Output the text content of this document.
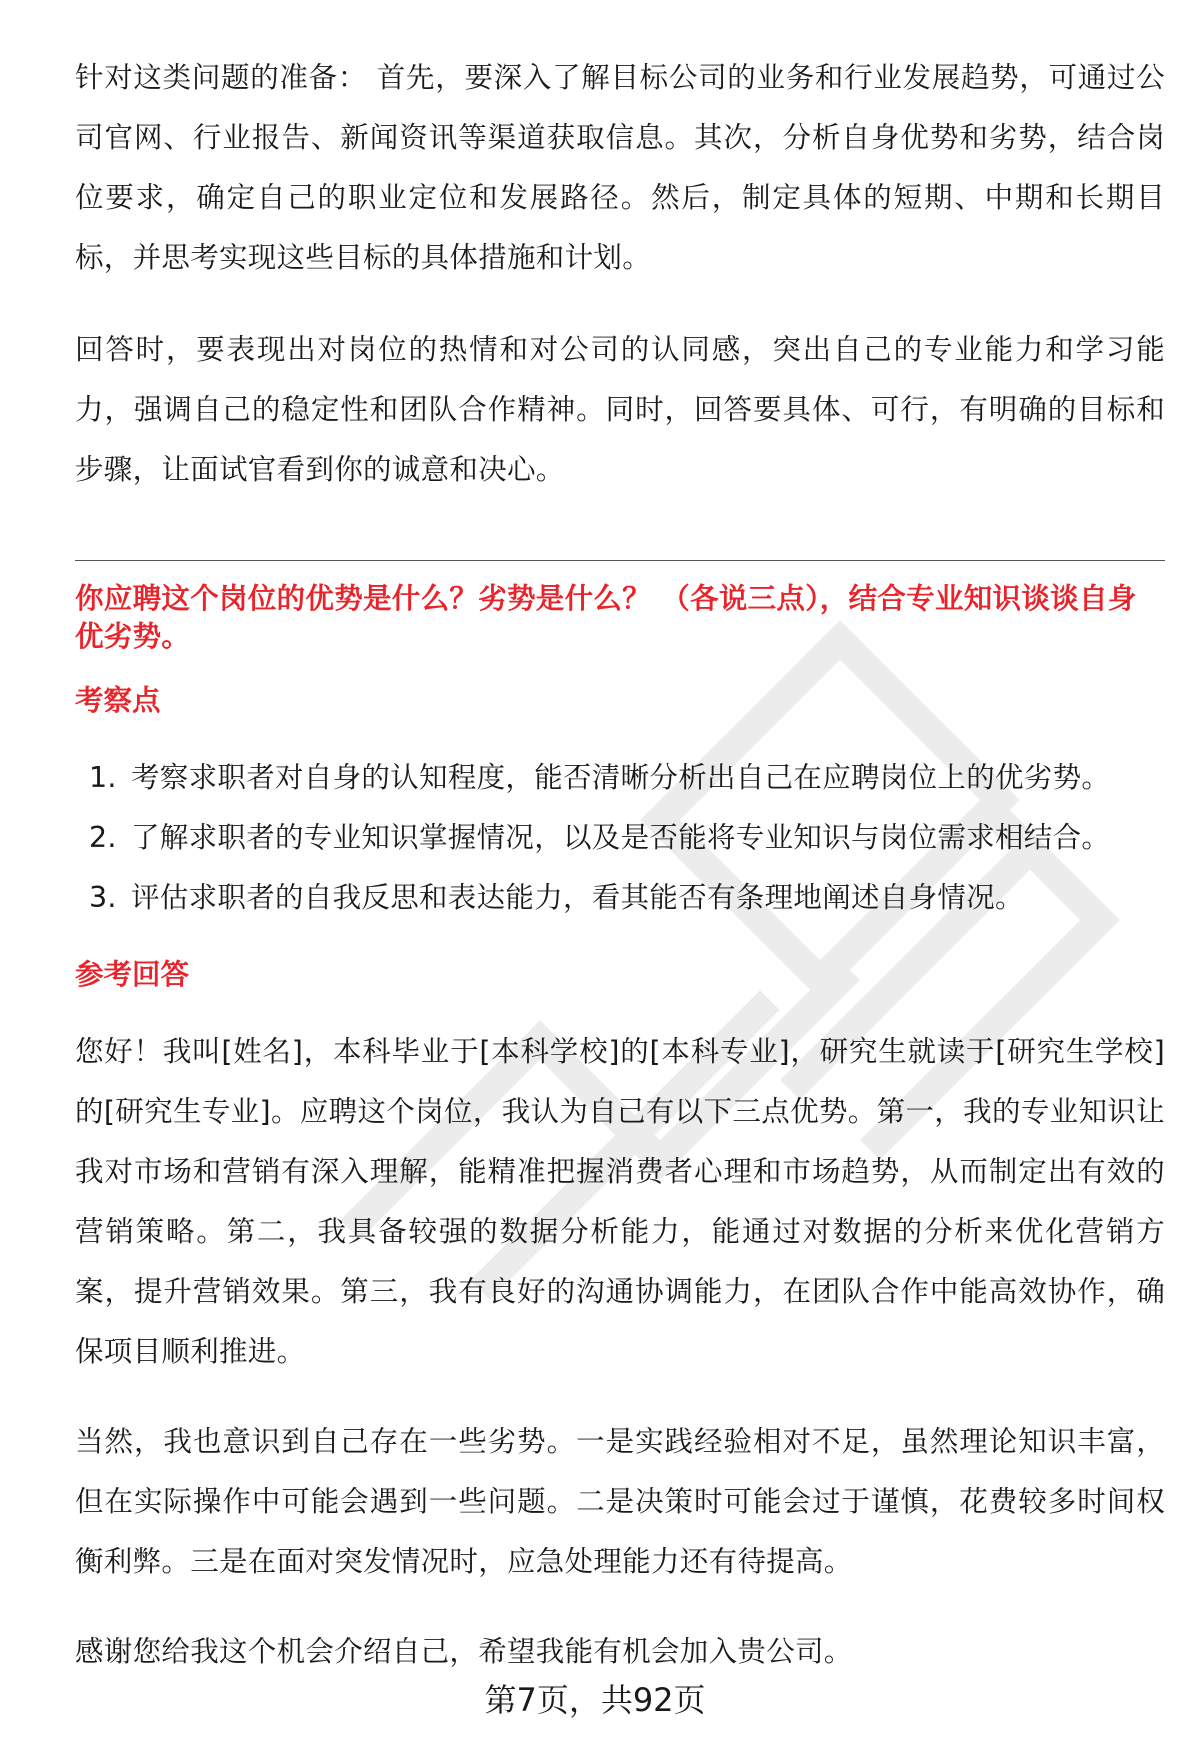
针对这类问题的准备： 首先，要深入了解目标公司的业务和行业发展趋势，可通过公司官网、行业报告、新闻资讯等渠道获取信息。其次，分析自身优势和劣势，结合岗位要求，确定自己的职业定位和发展路径。然后，制定具体的短期、中期和长期目标，并思考实现这些目标的具体措施和计划。

回答时，要表现出对岗位的热情和对公司的认同感，突出自己的专业能力和学习能力，强调自己的稳定性和团队合作精神。同时，回答要具体、可行，有明确的目标和步骤，让面试官看到你的诚意和决心。

你应聘这个岗位的优势是什么？劣势是什么？ （各说三点），结合专业知识谈谈自身优劣势。

考察点

1. 考察求职者对自身的认知程度，能否清晰分析出自己在应聘岗位上的优劣势。
2. 了解求职者的专业知识掌握情况，以及是否能将专业知识与岗位需求相结合。
3. 评估求职者的自我反思和表达能力，看其能否有条理地阐述自身情况。

参考回答

您好！我叫[姓名]，本科毕业于[本科学校]的[本科专业]，研究生就读于[研究生学校]的[研究生专业]。应聘这个岗位，我认为自己有以下三点优势。第一，我的专业知识让我对市场和营销有深入理解，能精准把握消费者心理和市场趋势，从而制定出有效的营销策略。第二，我具备较强的数据分析能力，能通过对数据的分析来优化营销方案，提升营销效果。第三，我有良好的沟通协调能力，在团队合作中能高效协作，确保项目顺利推进。

当然，我也意识到自己存在一些劣势。一是实践经验相对不足，虽然理论知识丰富，但在实际操作中可能会遇到一些问题。二是决策时可能会过于谨慎，花费较多时间权衡利弊。三是在面对突发情况时，应急处理能力还有待提高。

感谢您给我这个机会介绍自己，希望我能有机会加入贵公司。

第7页，共92页
